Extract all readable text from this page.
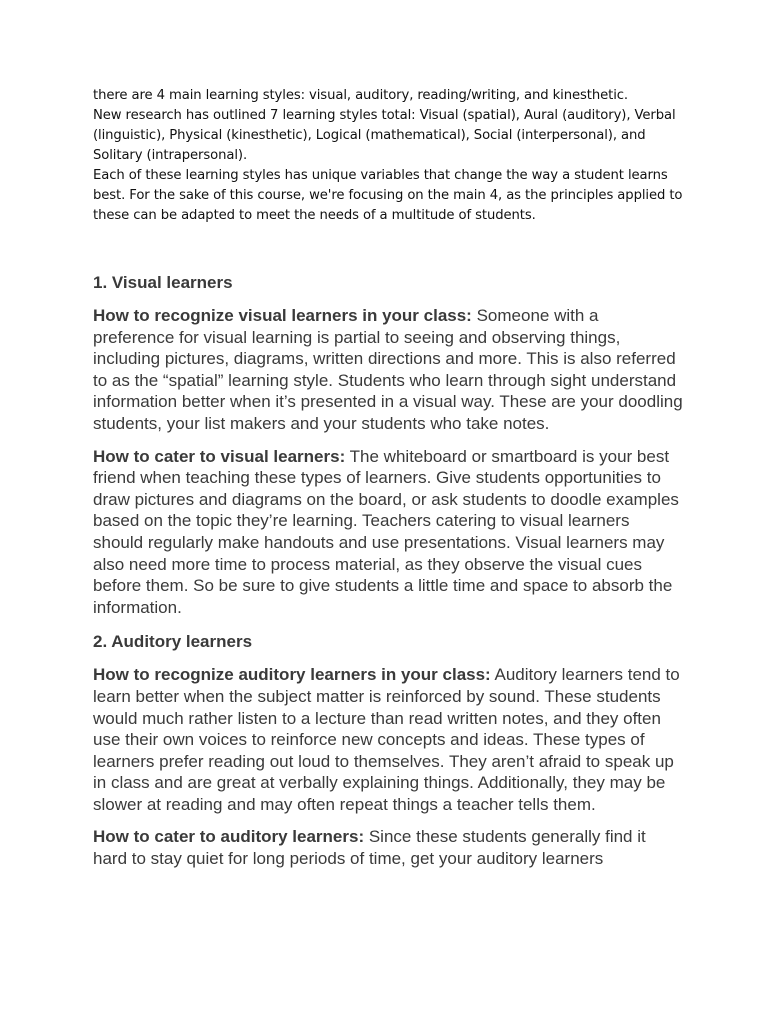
there are 4 main learning styles: visual, auditory, reading/writing, and kinesthetic.

New research has outlined 7 learning styles total: Visual (spatial), Aural (auditory), Verbal (linguistic), Physical (kinesthetic), Logical (mathematical), Social (interpersonal), and Solitary (intrapersonal).

Each of these learning styles has unique variables that change the way a student learns best. For the sake of this course, we're focusing on the main 4, as the principles applied to these can be adapted to meet the needs of a multitude of students.

1. Visual learners

How to recognize visual learners in your class: Someone with a preference for visual learning is partial to seeing and observing things, including pictures, diagrams, written directions and more. This is also referred to as the “spatial” learning style. Students who learn through sight understand information better when it’s presented in a visual way. These are your doodling students, your list makers and your students who take notes.

How to cater to visual learners: The whiteboard or smartboard is your best friend when teaching these types of learners. Give students opportunities to draw pictures and diagrams on the board, or ask students to doodle examples based on the topic they’re learning. Teachers catering to visual learners should regularly make handouts and use presentations. Visual learners may also need more time to process material, as they observe the visual cues before them. So be sure to give students a little time and space to absorb the information.

2. Auditory learners

How to recognize auditory learners in your class: Auditory learners tend to learn better when the subject matter is reinforced by sound. These students would much rather listen to a lecture than read written notes, and they often use their own voices to reinforce new concepts and ideas. These types of learners prefer reading out loud to themselves. They aren’t afraid to speak up in class and are great at verbally explaining things. Additionally, they may be slower at reading and may often repeat things a teacher tells them.

How to cater to auditory learners: Since these students generally find it hard to stay quiet for long periods of time, get your auditory learners
